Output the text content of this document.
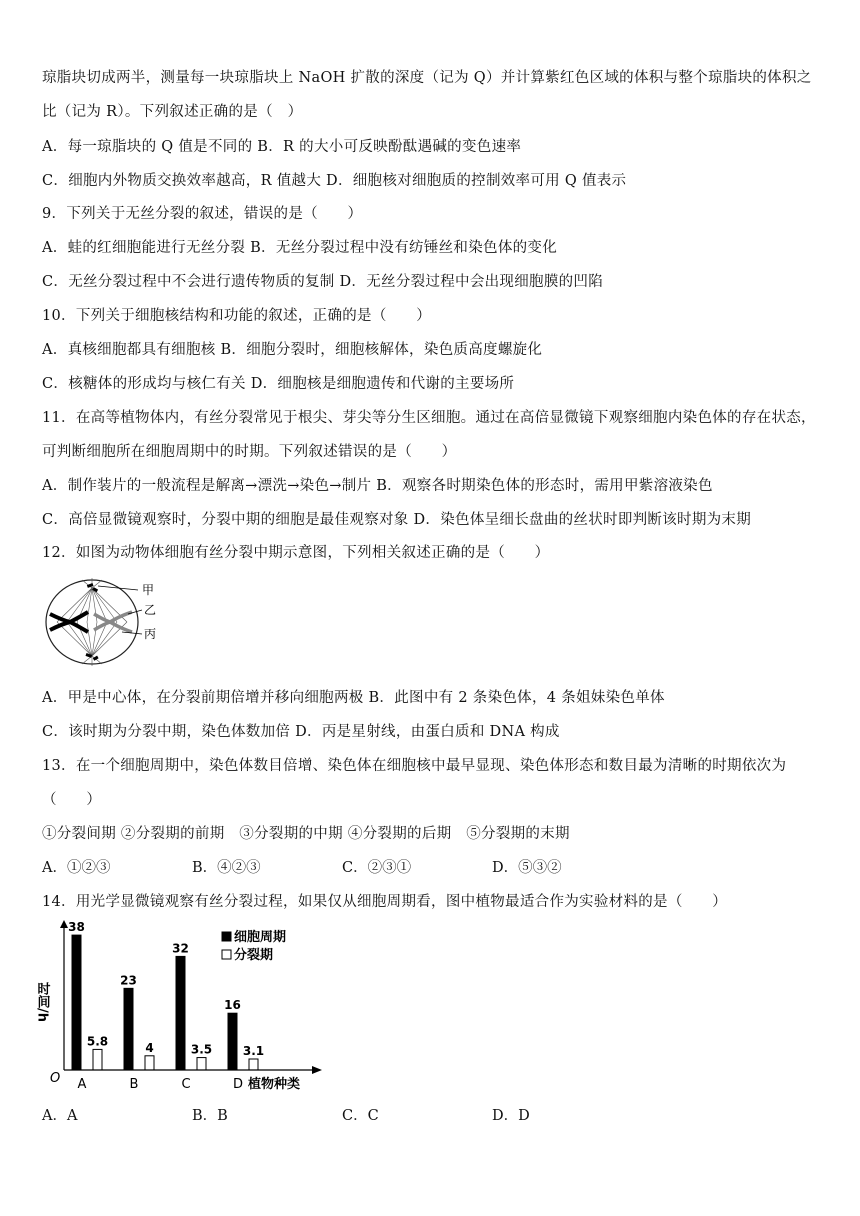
琼脂块切成两半，测量每一块琼脂块上 NaOH 扩散的深度（记为 Q）并计算紫红色区域的体积与整个琼脂块的体积之
比（记为 R）。下列叙述正确的是（　）
A．每一琼脂块的 Q 值是不同的 B．R 的大小可反映酚酞遇碱的变色速率
C．细胞内外物质交换效率越高，R 值越大 D．细胞核对细胞质的控制效率可用 Q 值表示
9．下列关于无丝分裂的叙述，错误的是（　　）
A．蛙的红细胞能进行无丝分裂 B．无丝分裂过程中没有纺锤丝和染色体的变化
C．无丝分裂过程中不会进行遗传物质的复制 D．无丝分裂过程中会出现细胞膜的凹陷
10．下列关于细胞核结构和功能的叙述，正确的是（　　）
A．真核细胞都具有细胞核 B．细胞分裂时，细胞核解体，染色质高度螺旋化
C．核糖体的形成均与核仁有关 D．细胞核是细胞遗传和代谢的主要场所
11．在高等植物体内，有丝分裂常见于根尖、芽尖等分生区细胞。通过在高倍显微镜下观察细胞内染色体的存在状态，
可判断细胞所在细胞周期中的时期。下列叙述错误的是（　　）
A．制作装片的一般流程是解离→漂洗→染色→制片 B．观察各时期染色体的形态时，需用甲紫溶液染色
C．高倍显微镜观察时，分裂中期的细胞是最佳观察对象 D．染色体呈细长盘曲的丝状时即判断该时期为末期
12．如图为动物体细胞有丝分裂中期示意图，下列相关叙述正确的是（　　）
甲
乙
丙
A．甲是中心体，在分裂前期倍增并移向细胞两极 B．此图中有 2 条染色体，4 条姐妹染色单体
C．该时期为分裂中期，染色体数加倍 D．丙是星射线，由蛋白质和 DNA 构成
13．在一个细胞周期中，染色体数目倍增、染色体在细胞核中最早显现、染色体形态和数目最为清晰的时期依次为
（　　）
①分裂间期 ②分裂期的前期　③分裂期的中期 ④分裂期的后期　⑤分裂期的末期
A．①②③	B．④②③	C．②③①	D．⑤③②
14．用光学显微镜观察有丝分裂过程，如果仅从细胞周期看，图中植物最适合作为实验材料的是（　　）
38
5.8
A
23
4
B
32
3.5
C
16
3.1
D
O	植物种类
时间/h
细胞周期
分裂期
A．A	B．B	C．C	D．D
